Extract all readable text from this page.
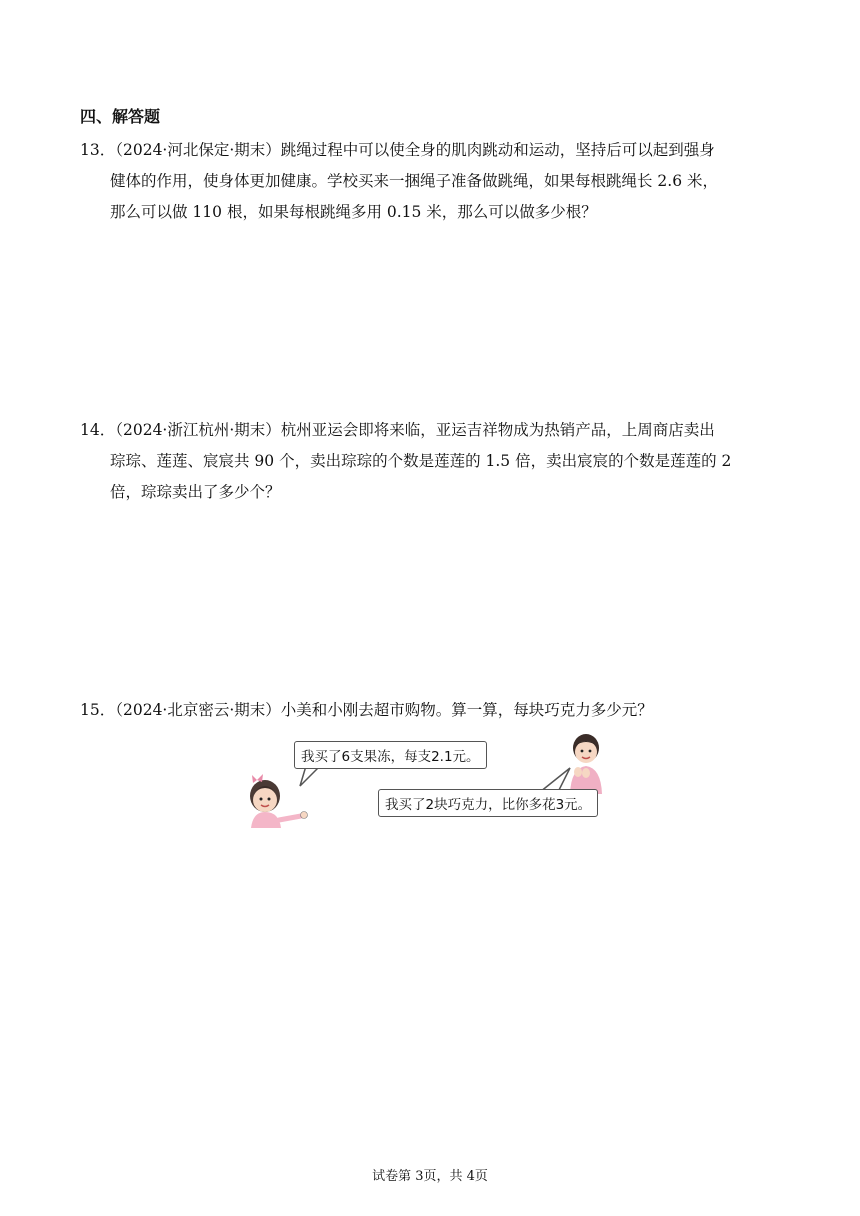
四、解答题
13．（2024·河北保定·期末）跳绳过程中可以使全身的肌肉跳动和运动，坚持后可以起到强身
健体的作用，使身体更加健康。学校买来一捆绳子准备做跳绳，如果每根跳绳长 2.6 米，
那么可以做 110 根，如果每根跳绳多用 0.15 米，那么可以做多少根？
14．（2024·浙江杭州·期末）杭州亚运会即将来临，亚运吉祥物成为热销产品，上周商店卖出
琮琮、莲莲、宸宸共 90 个，卖出琮琮的个数是莲莲的 1.5 倍，卖出宸宸的个数是莲莲的 2
倍，琮琮卖出了多少个？
15．（2024·北京密云·期末）小美和小刚去超市购物。算一算，每块巧克力多少元？
我买了6支果冻，每支2.1元。
我买了2块巧克力，比你多花3元。
试卷第 3页，共 4页
